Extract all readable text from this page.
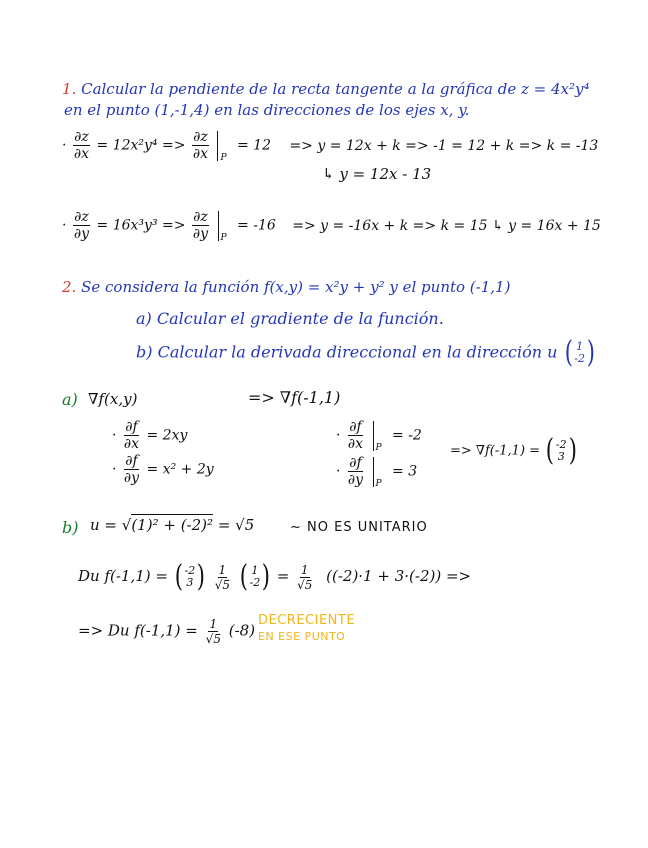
1. Calcular la pendiente de la recta tangente a la gráfica de z = 4x²y⁴
en el punto (1,-1,4) en las direcciones de los ejes x, y.
· $\frac{\partial z}{\partial x} = 12x^2y^4 => \frac{\partial z}{\partial x} _P = 12 => y = 12x + k => -1 = 12 + k => k = -13$
↳ y = 12x - 13
· $\frac{\partial z}{\partial y} = 16x^3y^3 => \frac{\partial z}{\partial y} _P = -16 => y = -16x + k => k = 15$ ↳ y = 16x + 15
2. Se considera la función f(x,y) = x²y + y² y el punto (-1,1)
a) Calcular el gradiente de la función.
b) Calcular la derivada direccional en la dirección u ( 1
-2 )
a) ∇f(x,y)	=> ∇f(-1,1)
· $\frac{\partial f}{\partial x} = 2xy$
· $\frac{\partial f}{\partial y} = x^2 + 2y$
· $\frac{\partial f}{\partial x} _P = -2$
· $\frac{\partial f}{\partial y} _P = 3$
=> ∇f(-1,1) = ( -2
3 )
b) u = √(1)² + (-2)² = √5	~ NO ES UNITARIO
Du f(-1,1) = ( -2
3 )
$\frac{1}{√5}$
( 1
-2 ) = $\frac{1}{√5} ((-2)\cdot 1 + 3\cdot(-2))$ =>
=> Du $f(-1,1) = \frac{1}{√5} (-8)$
DECRECIENTE
EN ESE PUNTO
